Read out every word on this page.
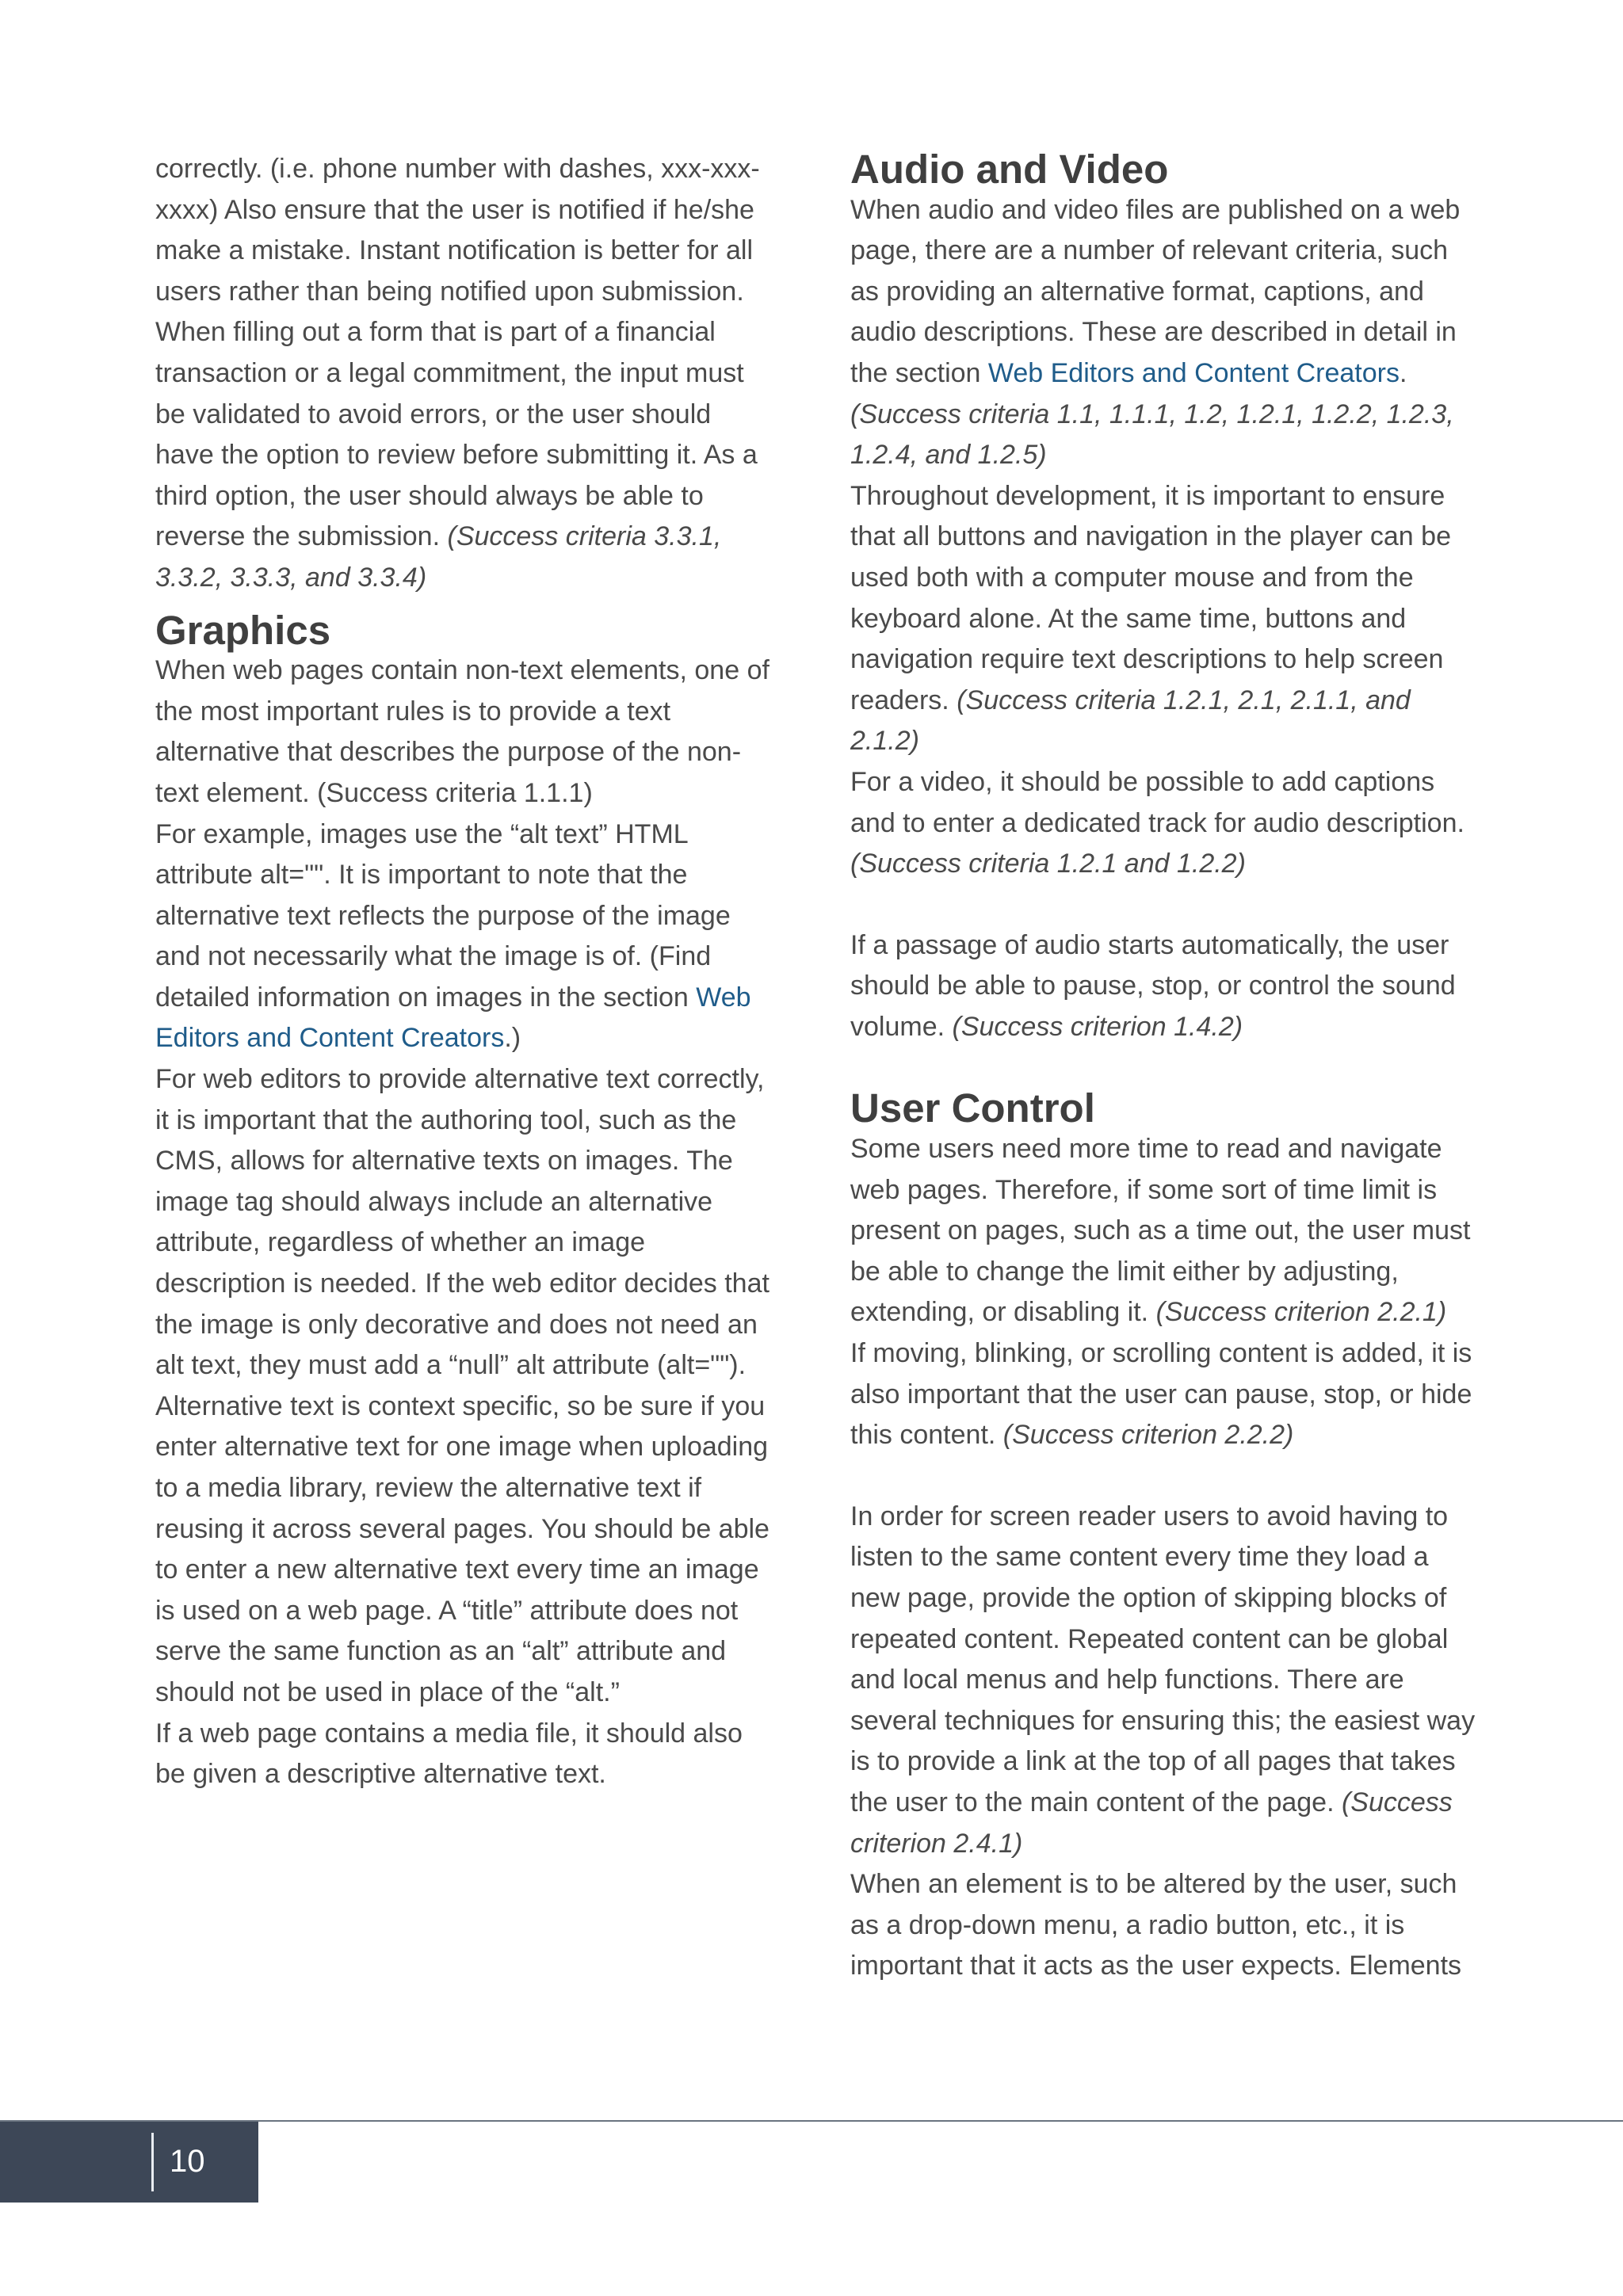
correctly. (i.e. phone number with dashes, xxx-xxx-xxxx) Also ensure that the user is notified if he/she make a mistake. Instant notification is better for all users rather than being notified upon submission. When filling out a form that is part of a financial transaction or a legal commitment, the input must be validated to avoid errors, or the user should have the option to review before submitting it. As a third option, the user should always be able to reverse the submission. (Success criteria 3.3.1, 3.3.2, 3.3.3, and 3.3.4)

Graphics

When web pages contain non-text elements, one of the most important rules is to provide a text alternative that describes the purpose of the non-text element. (Success criteria 1.1.1)

For example, images use the “alt text” HTML attribute alt="". It is important to note that the alternative text reflects the purpose of the image and not necessarily what the image is of. (Find detailed information on images in the section Web Editors and Content Creators.)

For web editors to provide alternative text correctly, it is important that the authoring tool, such as the CMS, allows for alternative texts on images. The image tag should always include an alternative attribute, regardless of whether an image description is needed. If the web editor decides that the image is only decorative and does not need an alt text, they must add a “null” alt attribute (alt="").

Alternative text is context specific, so be sure if you enter alternative text for one image when uploading to a media library, review the alternative text if reusing it across several pages. You should be able to enter a new alternative text every time an image is used on a web page. A “title” attribute does not serve the same function as an “alt” attribute and should not be used in place of the “alt.”

If a web page contains a media file, it should also be given a descriptive alternative text.

Audio and Video

When audio and video files are published on a web page, there are a number of relevant criteria, such as providing an alternative format, captions, and audio descriptions. These are described in detail in the section Web Editors and Content Creators. (Success criteria 1.1, 1.1.1, 1.2, 1.2.1, 1.2.2, 1.2.3, 1.2.4, and 1.2.5)

Throughout development, it is important to ensure that all buttons and navigation in the player can be used both with a computer mouse and from the keyboard alone. At the same time, buttons and navigation require text descriptions to help screen readers. (Success criteria 1.2.1, 2.1, 2.1.1, and 2.1.2)

For a video, it should be possible to add captions and to enter a dedicated track for audio description. (Success criteria 1.2.1 and 1.2.2)

If a passage of audio starts automatically, the user should be able to pause, stop, or control the sound volume. (Success criterion 1.4.2)

User Control

Some users need more time to read and navigate web pages. Therefore, if some sort of time limit is present on pages, such as a time out, the user must be able to change the limit either by adjusting, extending, or disabling it. (Success criterion 2.2.1)

If moving, blinking, or scrolling content is added, it is also important that the user can pause, stop, or hide this content. (Success criterion 2.2.2)

In order for screen reader users to avoid having to listen to the same content every time they load a new page, provide the option of skipping blocks of repeated content. Repeated content can be global and local menus and help functions. There are several techniques for ensuring this; the easiest way is to provide a link at the top of all pages that takes the user to the main content of the page. (Success criterion 2.4.1)

When an element is to be altered by the user, such as a drop-down menu, a radio button, etc., it is important that it acts as the user expects. Elements

10
